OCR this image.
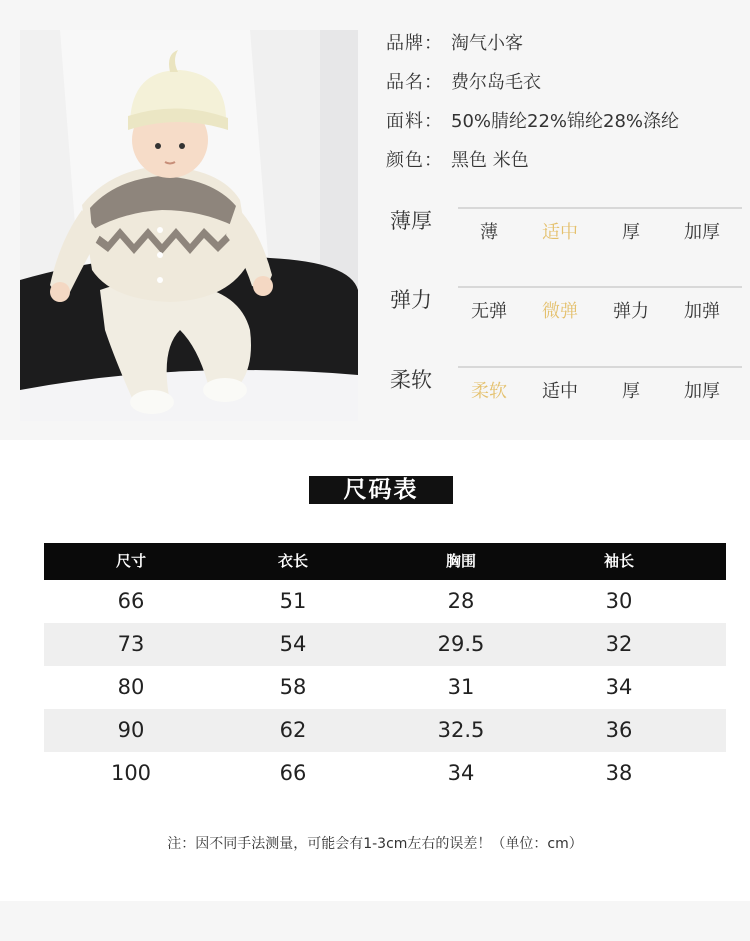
品牌： 淘气小客
品名： 费尔岛毛衣
面料： 50%腈纶22%锦纶28%涤纶
颜色： 黑色 米色
薄厚	薄	适中	厚	加厚
弹力	无弹	微弹	弹力	加弹
柔软	柔软	适中	厚	加厚
尺码表
尺寸	衣长	胸围	袖长
66	51	28	30
73	54	29.5	32
80	58	31	34
90	62	32.5	36
100	66	34	38
注：因不同手法测量，可能会有1-3cm左右的误差！（单位：cm）
